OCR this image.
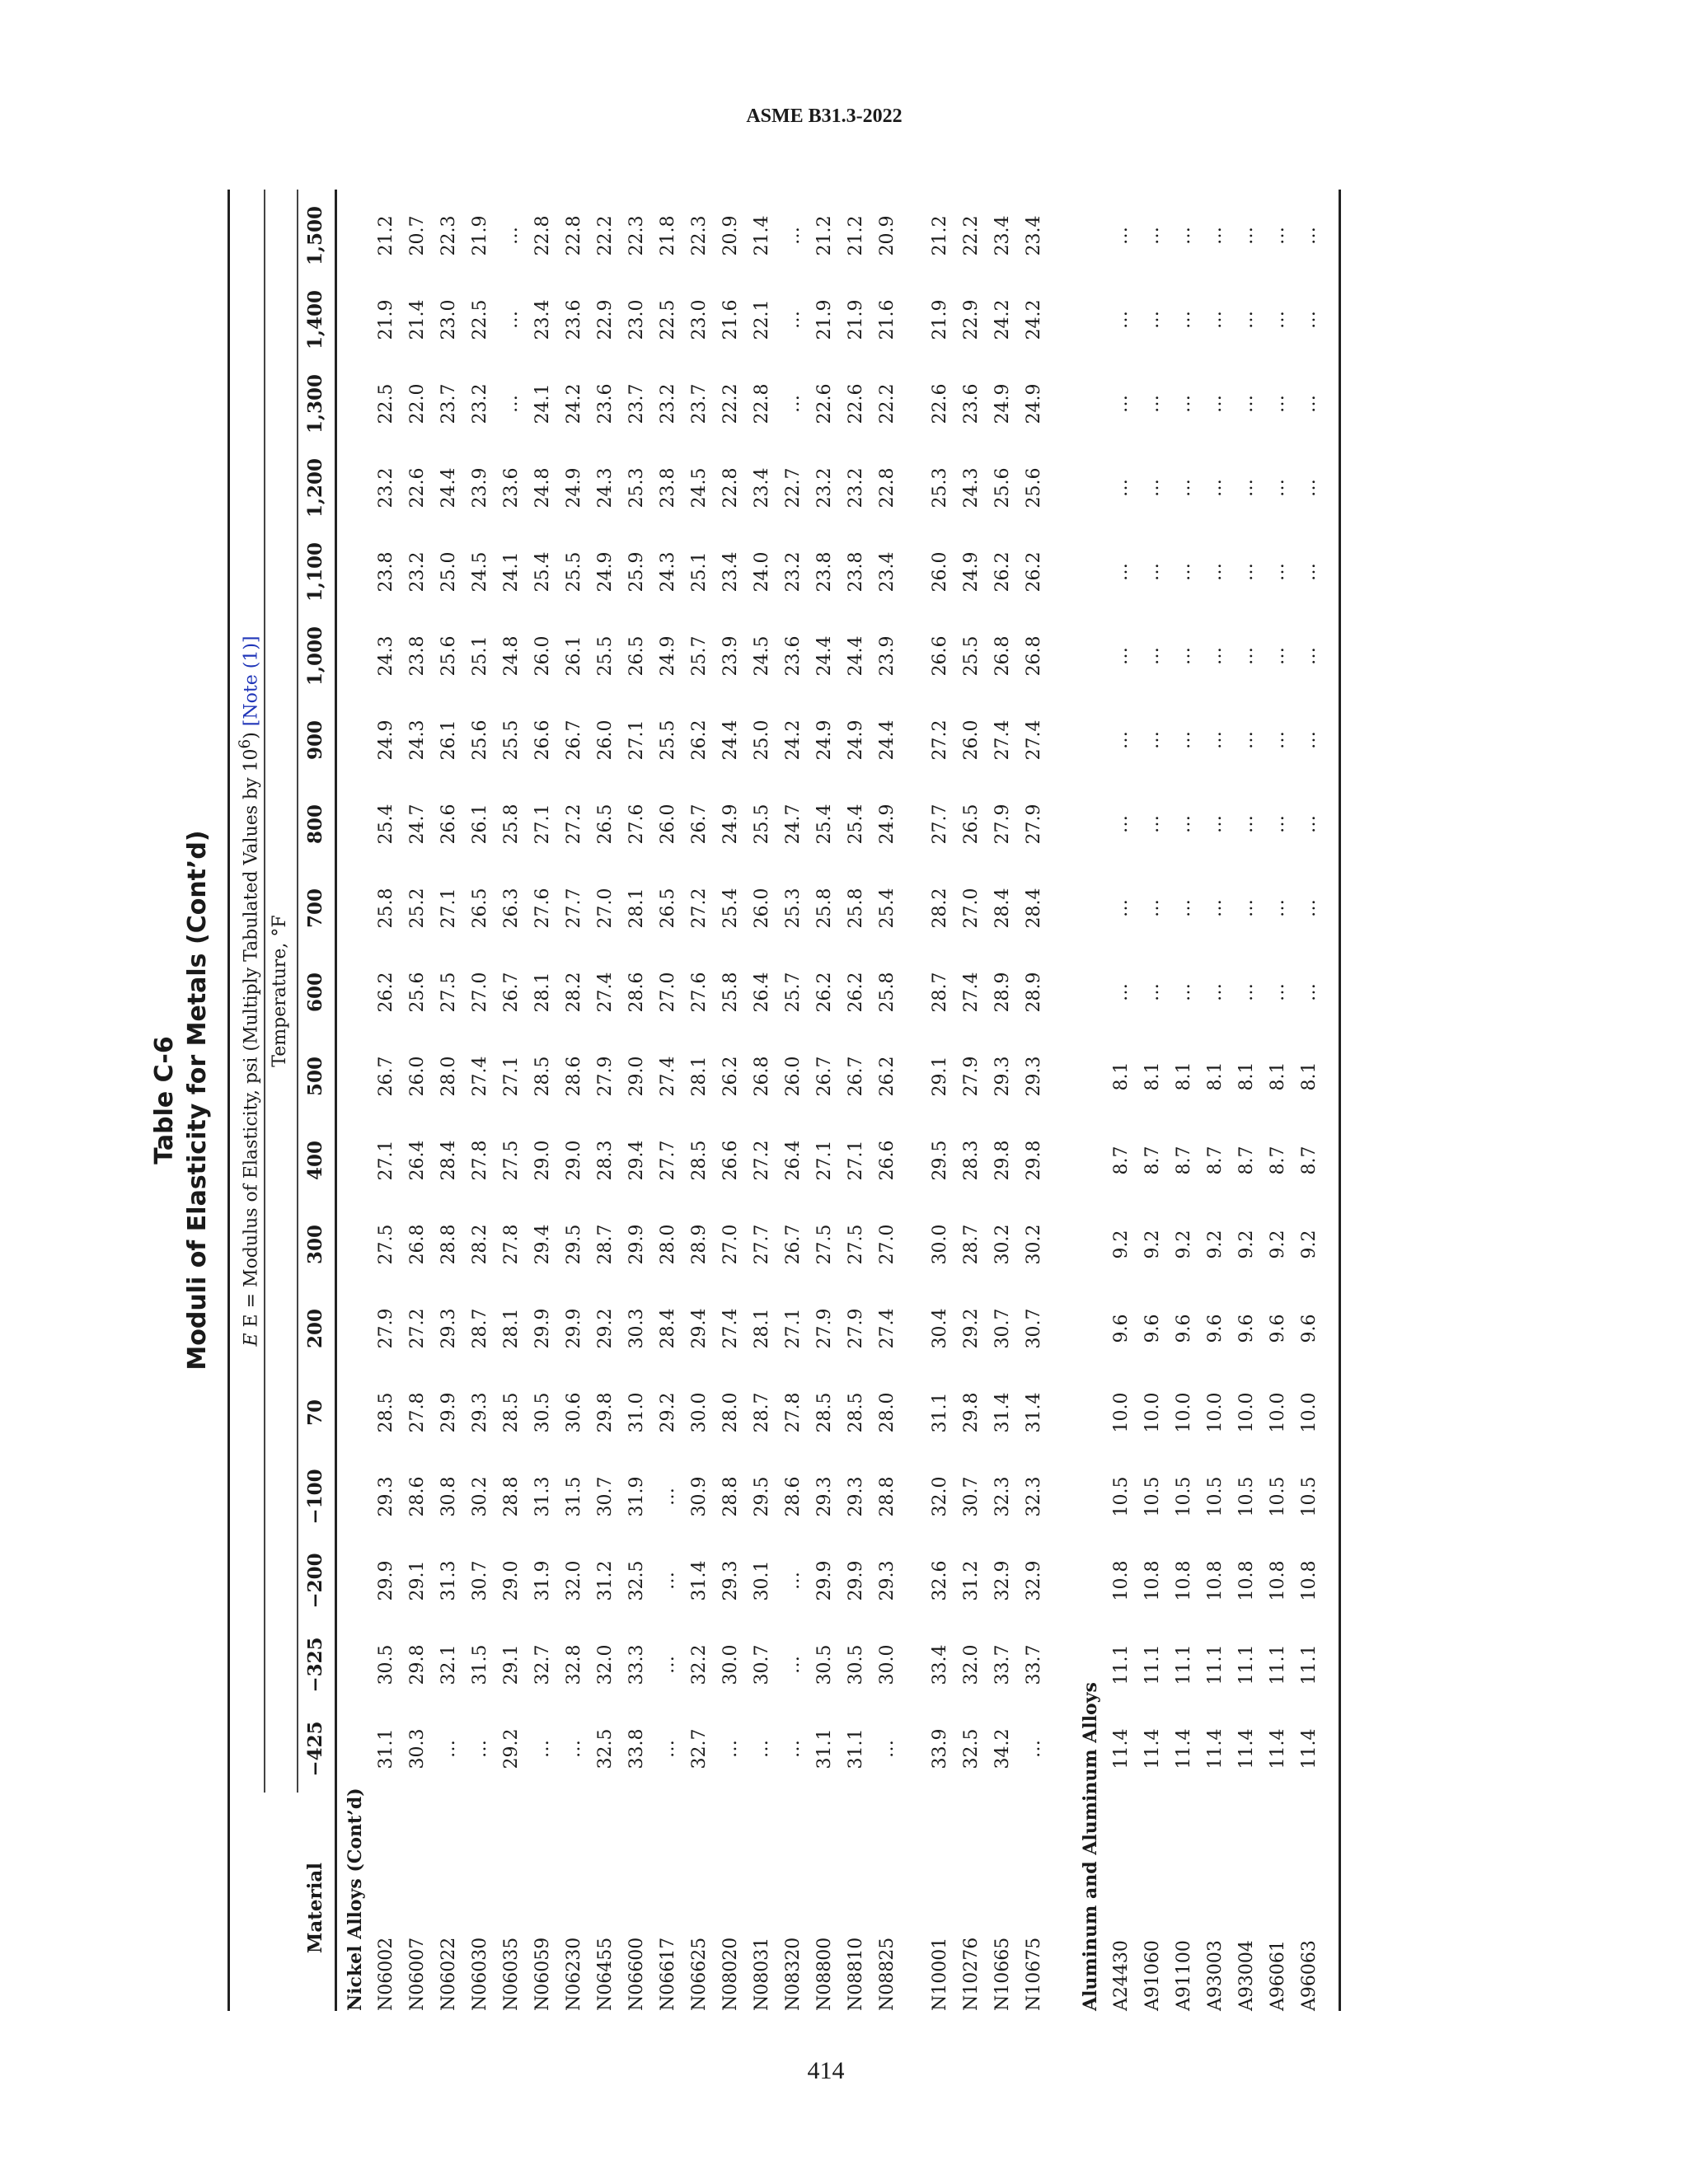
ASME B31.3-2022
Table C-6 Moduli of Elasticity for Metals (Cont’d)	E E = Modulus of Elasticity, psi (Multiply Tabulated Values by $10^6$) [Note (1)]
Temperature, °F
Material
−425
−325
−200
−100
70
200
300
400
500
600
700
800
900
1,000
1,100
1,200
1,300
1,400
1,500
Nickel Alloys (Cont’d) N06002
31.1
30.5
29.9
29.3
28.5
27.9
27.5
27.1
26.7
26.2
25.8
25.4
24.9
24.3
23.8
23.2
22.5
21.9
21.2
N06007
30.3
29.8
29.1
28.6
27.8
27.2
26.8
26.4
26.0
25.6
25.2
24.7
24.3
23.8
23.2
22.6
22.0
21.4
20.7
N06022
…
32.1
31.3
30.8
29.9
29.3
28.8
28.4
28.0
27.5
27.1
26.6
26.1
25.6
25.0
24.4
23.7
23.0
22.3
N06030
…
31.5
30.7
30.2
29.3
28.7
28.2
27.8
27.4
27.0
26.5
26.1
25.6
25.1
24.5
23.9
23.2
22.5
21.9
N06035
29.2
29.1
29.0
28.8
28.5
28.1
27.8
27.5
27.1
26.7
26.3
25.8
25.5
24.8
24.1
23.6
…
…
…
N06059
…
32.7
31.9
31.3
30.5
29.9
29.4
29.0
28.5
28.1
27.6
27.1
26.6
26.0
25.4
24.8
24.1
23.4
22.8
N06230
…
32.8
32.0
31.5
30.6
29.9
29.5
29.0
28.6
28.2
27.7
27.2
26.7
26.1
25.5
24.9
24.2
23.6
22.8
N06455
32.5
32.0
31.2
30.7
29.8
29.2
28.7
28.3
27.9
27.4
27.0
26.5
26.0
25.5
24.9
24.3
23.6
22.9
22.2
N06600
33.8
33.3
32.5
31.9
31.0
30.3
29.9
29.4
29.0
28.6
28.1
27.6
27.1
26.5
25.9
25.3
23.7
23.0
22.3
N06617
…
…
…
…
29.2
28.4
28.0
27.7
27.4
27.0
26.5
26.0
25.5
24.9
24.3
23.8
23.2
22.5
21.8
N06625
32.7
32.2
31.4
30.9
30.0
29.4
28.9
28.5
28.1
27.6
27.2
26.7
26.2
25.7
25.1
24.5
23.7
23.0
22.3
N08020
…
30.0
29.3
28.8
28.0
27.4
27.0
26.6
26.2
25.8
25.4
24.9
24.4
23.9
23.4
22.8
22.2
21.6
20.9
N08031
…
30.7
30.1
29.5
28.7
28.1
27.7
27.2
26.8
26.4
26.0
25.5
25.0
24.5
24.0
23.4
22.8
22.1
21.4
N08320
…
…
…
28.6
27.8
27.1
26.7
26.4
26.0
25.7
25.3
24.7
24.2
23.6
23.2
22.7
…
…
…
N08800
31.1
30.5
29.9
29.3
28.5
27.9
27.5
27.1
26.7
26.2
25.8
25.4
24.9
24.4
23.8
23.2
22.6
21.9
21.2
N08810
31.1
30.5
29.9
29.3
28.5
27.9
27.5
27.1
26.7
26.2
25.8
25.4
24.9
24.4
23.8
23.2
22.6
21.9
21.2
N08825
…
30.0
29.3
28.8
28.0
27.4
27.0
26.6
26.2
25.8
25.4
24.9
24.4
23.9
23.4
22.8
22.2
21.6
20.9
N10001
33.9
33.4
32.6
32.0
31.1
30.4
30.0
29.5
29.1
28.7
28.2
27.7
27.2
26.6
26.0
25.3
22.6
21.9
21.2
N10276
32.5
32.0
31.2
30.7
29.8
29.2
28.7
28.3
27.9
27.4
27.0
26.5
26.0
25.5
24.9
24.3
23.6
22.9
22.2
N10665
34.2
33.7
32.9
32.3
31.4
30.7
30.2
29.8
29.3
28.9
28.4
27.9
27.4
26.8
26.2
25.6
24.9
24.2
23.4
N10675
…
33.7
32.9
32.3
31.4
30.7
30.2
29.8
29.3
28.9
28.4
27.9
27.4
26.8
26.2
25.6
24.9
24.2
23.4
Aluminum and Aluminum Alloys A24430
11.4
11.1
10.8
10.5
10.0
9.6
9.2
8.7
8.1
…
…
…
…
…
…
…
…
…
…
A91060
11.4
11.1
10.8
10.5
10.0
9.6
9.2
8.7
8.1
…
…
…
…
…
…
…
…
…
…
A91100
11.4
11.1
10.8
10.5
10.0
9.6
9.2
8.7
8.1
…
…
…
…
…
…
…
…
…
…
A93003
11.4
11.1
10.8
10.5
10.0
9.6
9.2
8.7
8.1
…
…
…
…
…
…
…
…
…
…
A93004
11.4
11.1
10.8
10.5
10.0
9.6
9.2
8.7
8.1
…
…
…
…
…
…
…
…
…
…
A96061
11.4
11.1
10.8
10.5
10.0
9.6
9.2
8.7
8.1
…
…
…
…
…
…
…
…
…
…
A96063
11.4
11.1
10.8
10.5
10.0
9.6
9.2
8.7
8.1
…
…
…
…
…
…
…
…
…
…
414
